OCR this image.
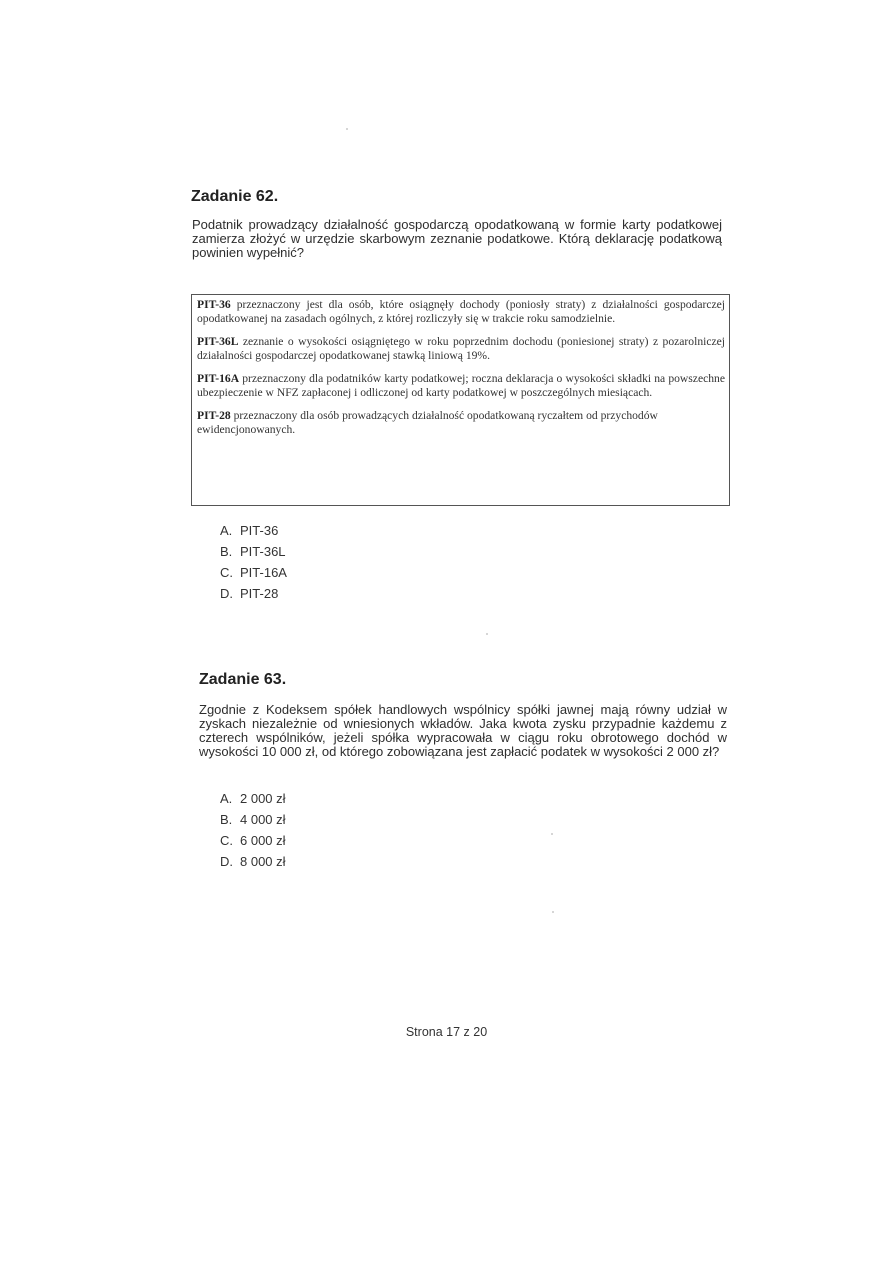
Zadanie 62.
Podatnik prowadzący działalność gospodarczą opodatkowaną w formie karty podatkowej zamierza złożyć w urzędzie skarbowym zeznanie podatkowe. Którą deklarację podatkową powinien wypełnić?

PIT-36 przeznaczony jest dla osób, które osiągnęły dochody (poniosły straty) z działalności gospodarczej opodatkowanej na zasadach ogólnych, z której rozliczyły się w trakcie roku samodzielnie.

PIT-36L zeznanie o wysokości osiągniętego w roku poprzednim dochodu (poniesionej straty) z pozarolniczej działalności gospodarczej opodatkowanej stawką liniową 19%.

PIT-16A przeznaczony dla podatników karty podatkowej; roczna deklaracja o wysokości składki na powszechne ubezpieczenie w NFZ zapłaconej i odliczonej od karty podatkowej w poszczególnych miesiącach.

PIT-28 przeznaczony dla osób prowadzących działalność opodatkowaną ryczałtem od przychodów ewidencjonowanych.

A. PIT-36
B. PIT-36L
C. PIT-16A
D. PIT-28
Zadanie 63.
Zgodnie z Kodeksem spółek handlowych wspólnicy spółki jawnej mają równy udział w zyskach niezależnie od wniesionych wkładów. Jaka kwota zysku przypadnie każdemu z czterech wspólników, jeżeli spółka wypracowała w ciągu roku obrotowego dochód w wysokości 10 000 zł, od którego zobowiązana jest zapłacić podatek w wysokości 2 000 zł?
A. 2 000 zł
B. 4 000 zł
C. 6 000 zł
D. 8 000 zł
Strona 17 z 20
